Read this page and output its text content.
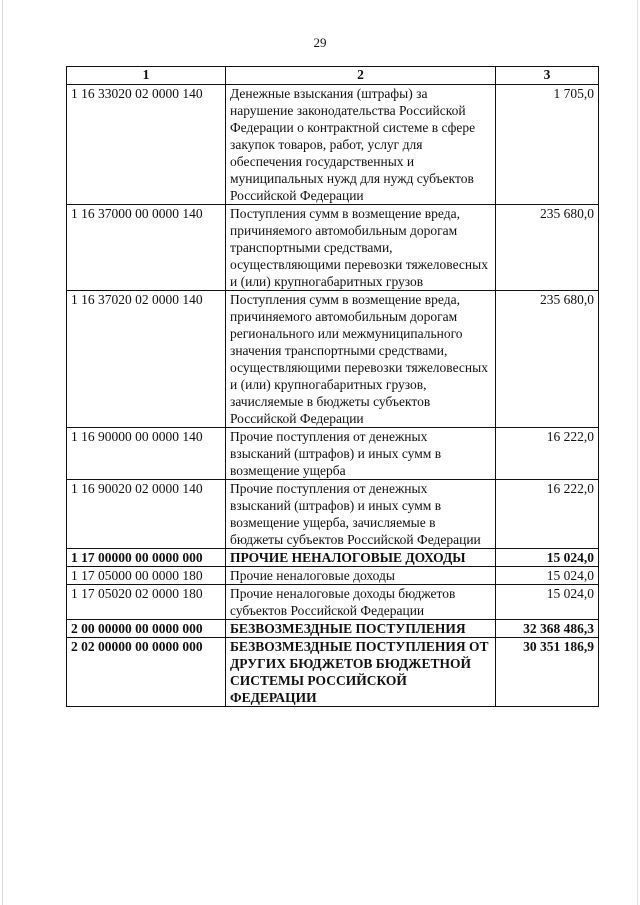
29
1	2	3
1 16 33020 02 0000 140	Денежные взыскания (штрафы) за нарушение законодательства Российской Федерации о контрактной системе в сфере закупок товаров, работ, услуг для обеспечения государственных и муниципальных нужд для нужд субъектов Российской Федерации	1 705,0
1 16 37000 00 0000 140	Поступления сумм в возмещение вреда, причиняемого автомобильным дорогам транспортными средствами, осуществляющими перевозки тяжеловесных и (или) крупногабаритных грузов	235 680,0
1 16 37020 02 0000 140	Поступления сумм в возмещение вреда, причиняемого автомобильным дорогам регионального или межмуниципального значения транспортными средствами, осуществляющими перевозки тяжеловесных и (или) крупногабаритных грузов, зачисляемые в бюджеты субъектов Российской Федерации	235 680,0
1 16 90000 00 0000 140	Прочие поступления от денежных взысканий (штрафов) и иных сумм в возмещение ущерба	16 222,0
1 16 90020 02 0000 140	Прочие поступления от денежных взысканий (штрафов) и иных сумм в возмещение ущерба, зачисляемые в бюджеты субъектов Российской Федерации	16 222,0
1 17 00000 00 0000 000	ПРОЧИЕ НЕНАЛОГОВЫЕ ДОХОДЫ	15 024,0
1 17 05000 00 0000 180	Прочие неналоговые доходы	15 024,0
1 17 05020 02 0000 180	Прочие неналоговые доходы бюджетов субъектов Российской Федерации	15 024,0
2 00 00000 00 0000 000	БЕЗВОЗМЕЗДНЫЕ ПОСТУПЛЕНИЯ	32 368 486,3
2 02 00000 00 0000 000	БЕЗВОЗМЕЗДНЫЕ ПОСТУПЛЕНИЯ ОТ ДРУГИХ БЮДЖЕТОВ БЮДЖЕТНОЙ СИСТЕМЫ РОССИЙСКОЙ ФЕДЕРАЦИИ	30 351 186,9
